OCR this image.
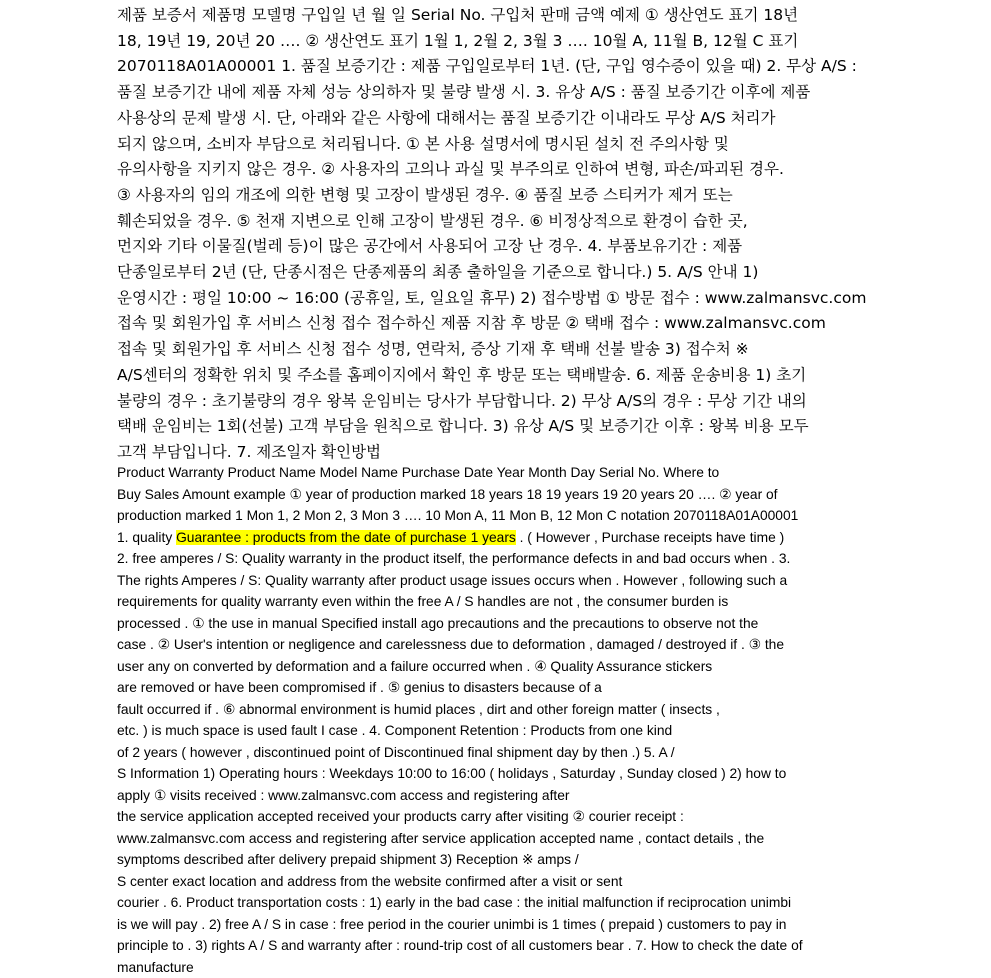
제품 보증서 제품명 모델명 구입일 년 월 일 Serial No. 구입처 판매 금액 예제 ① 생산연도 표기 18년
18, 19년 19, 20년 20 …. ② 생산연도 표기 1월 1, 2월 2, 3월 3 …. 10월 A, 11월 B, 12월 C 표기
2070118A01A00001 1. 품질 보증기간 : 제품 구입일로부터 1년. (단, 구입 영수증이 있을 때) 2. 무상 A/S :
품질 보증기간 내에 제품 자체 성능 상의하자 및 불량 발생 시. 3. 유상 A/S : 품질 보증기간 이후에 제품
사용상의 문제 발생 시. 단, 아래와 같은 사항에 대해서는 품질 보증기간 이내라도 무상 A/S 처리가
되지 않으며, 소비자 부담으로 처리됩니다. ① 본 사용 설명서에 명시된 설치 전 주의사항 및
유의사항을 지키지 않은 경우. ② 사용자의 고의나 과실 및 부주의로 인하여 변형, 파손/파괴된 경우.
③ 사용자의 임의 개조에 의한 변형 및 고장이 발생된 경우. ④ 품질 보증 스티커가 제거 또는
훼손되었을 경우. ⑤ 천재 지변으로 인해 고장이 발생된 경우. ⑥ 비정상적으로 환경이 습한 곳,
먼지와 기타 이물질(벌레 등)이 많은 공간에서 사용되어 고장 난 경우. 4. 부품보유기간 : 제품
단종일로부터 2년 (단, 단종시점은 단종제품의 최종 출하일을 기준으로 합니다.) 5. A/S 안내 1)
운영시간 : 평일 10:00 ~ 16:00 (공휴일, 토, 일요일 휴무) 2) 접수방법 ① 방문 접수 : www.zalmansvc.com
접속 및 회원가입 후 서비스 신청 접수 접수하신 제품 지참 후 방문 ② 택배 접수 : www.zalmansvc.com
접속 및 회원가입 후 서비스 신청 접수 성명, 연락처, 증상 기재 후 택배 선불 발송 3) 접수처 ※
A/S센터의 정확한 위치 및 주소를 홈페이지에서 확인 후 방문 또는 택배발송. 6. 제품 운송비용 1) 초기
불량의 경우 : 초기불량의 경우 왕복 운임비는 당사가 부담합니다. 2) 무상 A/S의 경우 : 무상 기간 내의
택배 운임비는 1회(선불) 고객 부담을 원칙으로 합니다. 3) 유상 A/S 및 보증기간 이후 : 왕복 비용 모두
고객 부담입니다. 7. 제조일자 확인방법
Product Warranty Product Name Model Name Purchase Date Year Month Day Serial No. Where to
Buy Sales Amount example ① year of production marked 18 years 18 19 years 19 20 years 20 …. ② year of
production marked 1 Mon 1, 2 Mon 2, 3 Mon 3 …. 10 Mon A, 11 Mon B, 12 Mon C notation 2070118A01A00001
1. quality Guarantee : products from the date of purchase 1 years . ( However , Purchase receipts have time )
2. free amperes / S: Quality warranty in the product itself, the performance defects in and bad occurs when . 3.
The rights Amperes / S: Quality warranty after product usage issues occurs when . However , following such a
requirements for quality warranty even within the free A / S handles are not , the consumer burden is
processed . ① the use in manual Specified install ago precautions and the precautions to observe not the
case . ② User's intention or negligence and carelessness due to deformation , damaged / destroyed if . ③ the
user any on converted by deformation and a failure occurred when . ④ Quality Assurance stickers
are removed or have been compromised if . ⑤ genius to disasters because of a
fault occurred if . ⑥ abnormal environment is humid places , dirt and other foreign matter ( insects ,
etc. ) is much space is used fault I case . 4. Component Retention : Products from one kind
of 2 years ( however , discontinued point of Discontinued final shipment day by then .) 5. A /
S Information 1) Operating hours : Weekdays 10:00 to 16:00 ( holidays , Saturday , Sunday closed ) 2) how to
apply ① visits received : www.zalmansvc.com access and registering after
the service application accepted received your products carry after visiting ② courier receipt :
www.zalmansvc.com access and registering after service application accepted name , contact details , the
symptoms described after delivery prepaid shipment 3) Reception ※ amps /
S center exact location and address from the website confirmed after a visit or sent
courier . 6. Product transportation costs : 1) early in the bad case : the initial malfunction if reciprocation unimbi
is we will pay . 2) free A / S in case : free period in the courier unimbi is 1 times ( prepaid ) customers to pay in
principle to . 3) rights A / S and warranty after : round-trip cost of all customers bear . 7. How to check the date of
manufacture
